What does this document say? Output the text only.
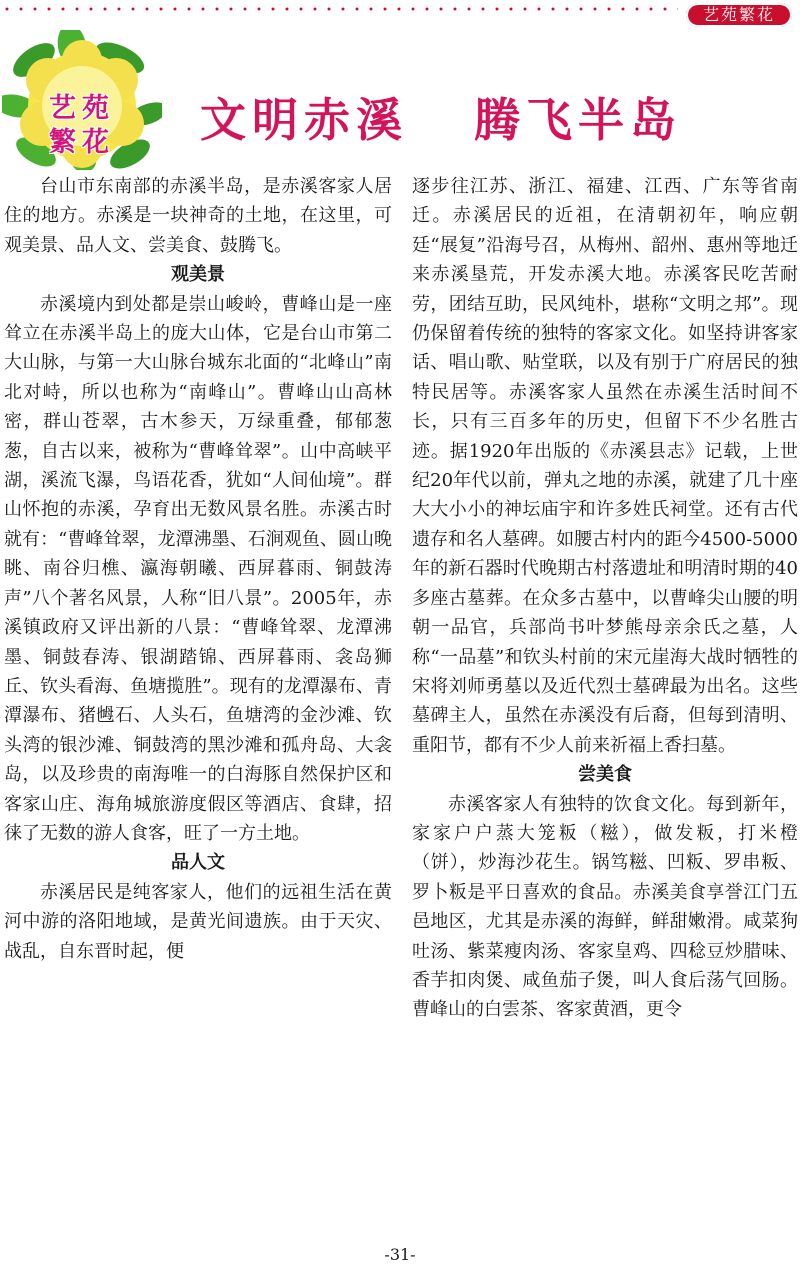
艺苑繁花
艺苑
繁花	文明赤溪   腾飞半岛

台山市东南部的赤溪半岛，是赤溪客家人居住的地方。赤溪是一块神奇的土地，在这里，可观美景、品人文、尝美食、鼓腾飞。

观美景

赤溪境内到处都是崇山峻岭，曹峰山是一座耸立在赤溪半岛上的庞大山体，它是台山市第二大山脉，与第一大山脉台城东北面的“北峰山”南北对峙，所以也称为“南峰山”。曹峰山山高林密，群山苍翠，古木参天，万绿重叠，郁郁葱葱，自古以来，被称为“曹峰耸翠”。山中高峡平湖，溪流飞瀑，鸟语花香，犹如“人间仙境”。群山怀抱的赤溪，孕育出无数风景名胜。赤溪古时就有：“曹峰耸翠，龙潭沸墨、石涧观鱼、圆山晚眺、南谷归樵、瀛海朝曦、西屏暮雨、铜鼓涛声”八个著名风景，人称“旧八景”。2005年，赤溪镇政府又评出新的八景：“曹峰耸翠、龙潭沸墨、铜鼓春涛、银湖踏锦、西屏暮雨、衾岛狮丘、钦头看海、鱼塘揽胜”。现有的龙潭瀑布、青潭瀑布、猪乸石、人头石，鱼塘湾的金沙滩、钦头湾的银沙滩、铜鼓湾的黑沙滩和孤舟岛、大衾岛，以及珍贵的南海唯一的白海豚自然保护区和客家山庄、海角城旅游度假区等酒店、食肆，招徕了无数的游人食客，旺了一方土地。

品人文

赤溪居民是纯客家人，他们的远祖生活在黄河中游的洛阳地域，是黄光间遗族。由于天灾、战乱，自东晋时起，便

逐步往江苏、浙江、福建、江西、广东等省南迁。赤溪居民的近祖，在清朝初年，响应朝廷“展复”沿海号召，从梅州、韶州、惠州等地迁来赤溪垦荒，开发赤溪大地。赤溪客民吃苦耐劳，团结互助，民风纯朴，堪称“文明之邦”。现仍保留着传统的独特的客家文化。如坚持讲客家话、唱山歌、贴堂联，以及有别于广府居民的独特民居等。赤溪客家人虽然在赤溪生活时间不长，只有三百多年的历史，但留下不少名胜古迹。据1920年出版的《赤溪县志》记载，上世纪20年代以前，弹丸之地的赤溪，就建了几十座大大小小的神坛庙宇和许多姓氏祠堂。还有古代遗存和名人墓碑。如腰古村内的距今4500-5000年的新石器时代晚期古村落遗址和明清时期的40多座古墓葬。在众多古墓中，以曹峰尖山腰的明朝一品官，兵部尚书叶梦熊母亲余氏之墓，人称“一品墓”和钦头村前的宋元崖海大战时牺牲的宋将刘师勇墓以及近代烈士墓碑最为出名。这些墓碑主人，虽然在赤溪没有后裔，但每到清明、重阳节，都有不少人前来祈福上香扫墓。

尝美食

赤溪客家人有独特的饮食文化。每到新年，家家户户蒸大笼粄（糍），做发粄，打米橙（饼），炒海沙花生。锅笃糍、凹粄、罗串粄、罗卜粄是平日喜欢的食品。赤溪美食享誉江门五邑地区，尤其是赤溪的海鲜，鲜甜嫩滑。咸菜狗吐汤、紫菜瘦肉汤、客家皇鸡、四稔豆炒腊味、香芋扣肉煲、咸鱼茄子煲，叫人食后荡气回肠。曹峰山的白雲茶、客家黄酒，更令

-31-
